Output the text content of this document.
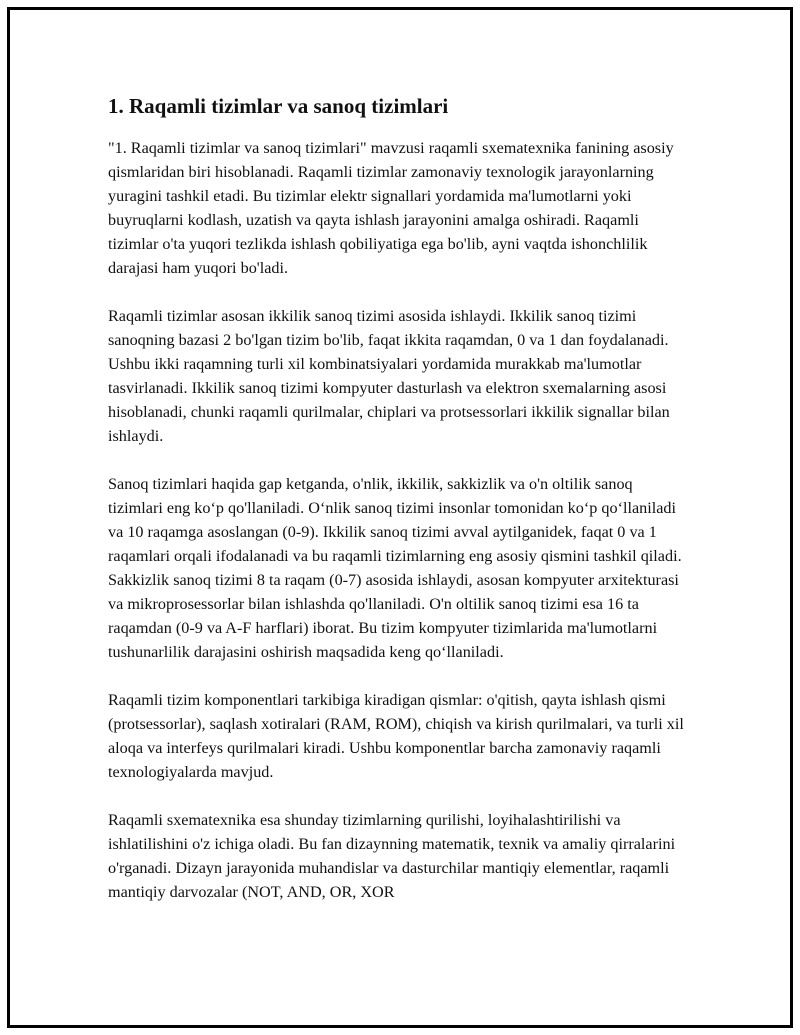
1. Raqamli tizimlar va sanoq tizimlari

"1. Raqamli tizimlar va sanoq tizimlari" mavzusi raqamli sxematexnika fanining asosiy qismlaridan biri hisoblanadi. Raqamli tizimlar zamonaviy texnologik jarayonlarning yuragini tashkil etadi. Bu tizimlar elektr signallari yordamida ma'lumotlarni yoki buyruqlarni kodlash, uzatish va qayta ishlash jarayonini amalga oshiradi. Raqamli tizimlar o'ta yuqori tezlikda ishlash qobiliyatiga ega bo'lib, ayni vaqtda ishonchlilik darajasi ham yuqori bo'ladi.

Raqamli tizimlar asosan ikkilik sanoq tizimi asosida ishlaydi. Ikkilik sanoq tizimi sanoqning bazasi 2 bo'lgan tizim bo'lib, faqat ikkita raqamdan, 0 va 1 dan foydalanadi. Ushbu ikki raqamning turli xil kombinatsiyalari yordamida murakkab ma'lumotlar tasvirlanadi. Ikkilik sanoq tizimi kompyuter dasturlash va elektron sxemalarning asosi hisoblanadi, chunki raqamli qurilmalar, chiplari va protsessorlari ikkilik signallar bilan ishlaydi.

Sanoq tizimlari haqida gap ketganda, o'nlik, ikkilik, sakkizlik va o'n oltilik sanoq tizimlari eng ko‘p qo'llaniladi. O‘nlik sanoq tizimi insonlar tomonidan ko‘p qo‘llaniladi va 10 raqamga asoslangan (0-9). Ikkilik sanoq tizimi avval aytilganidek, faqat 0 va 1 raqamlari orqali ifodalanadi va bu raqamli tizimlarning eng asosiy qismini tashkil qiladi. Sakkizlik sanoq tizimi 8 ta raqam (0-7) asosida ishlaydi, asosan kompyuter arxitekturasi va mikroprosessorlar bilan ishlashda qo'llaniladi. O'n oltilik sanoq tizimi esa 16 ta raqamdan (0-9 va A-F harflari) iborat. Bu tizim kompyuter tizimlarida ma'lumotlarni tushunarlilik darajasini oshirish maqsadida keng qo‘llaniladi.

Raqamli tizim komponentlari tarkibiga kiradigan qismlar: o'qitish, qayta ishlash qismi (protsessorlar), saqlash xotiralari (RAM, ROM), chiqish va kirish qurilmalari, va turli xil aloqa va interfeys qurilmalari kiradi. Ushbu komponentlar barcha zamonaviy raqamli texnologiyalarda mavjud.

Raqamli sxematexnika esa shunday tizimlarning qurilishi, loyihalashtirilishi va ishlatilishini o'z ichiga oladi. Bu fan dizaynning matematik, texnik va amaliy qirralarini o'rganadi. Dizayn jarayonida muhandislar va dasturchilar mantiqiy elementlar, raqamli mantiqiy darvozalar (NOT, AND, OR, XOR
